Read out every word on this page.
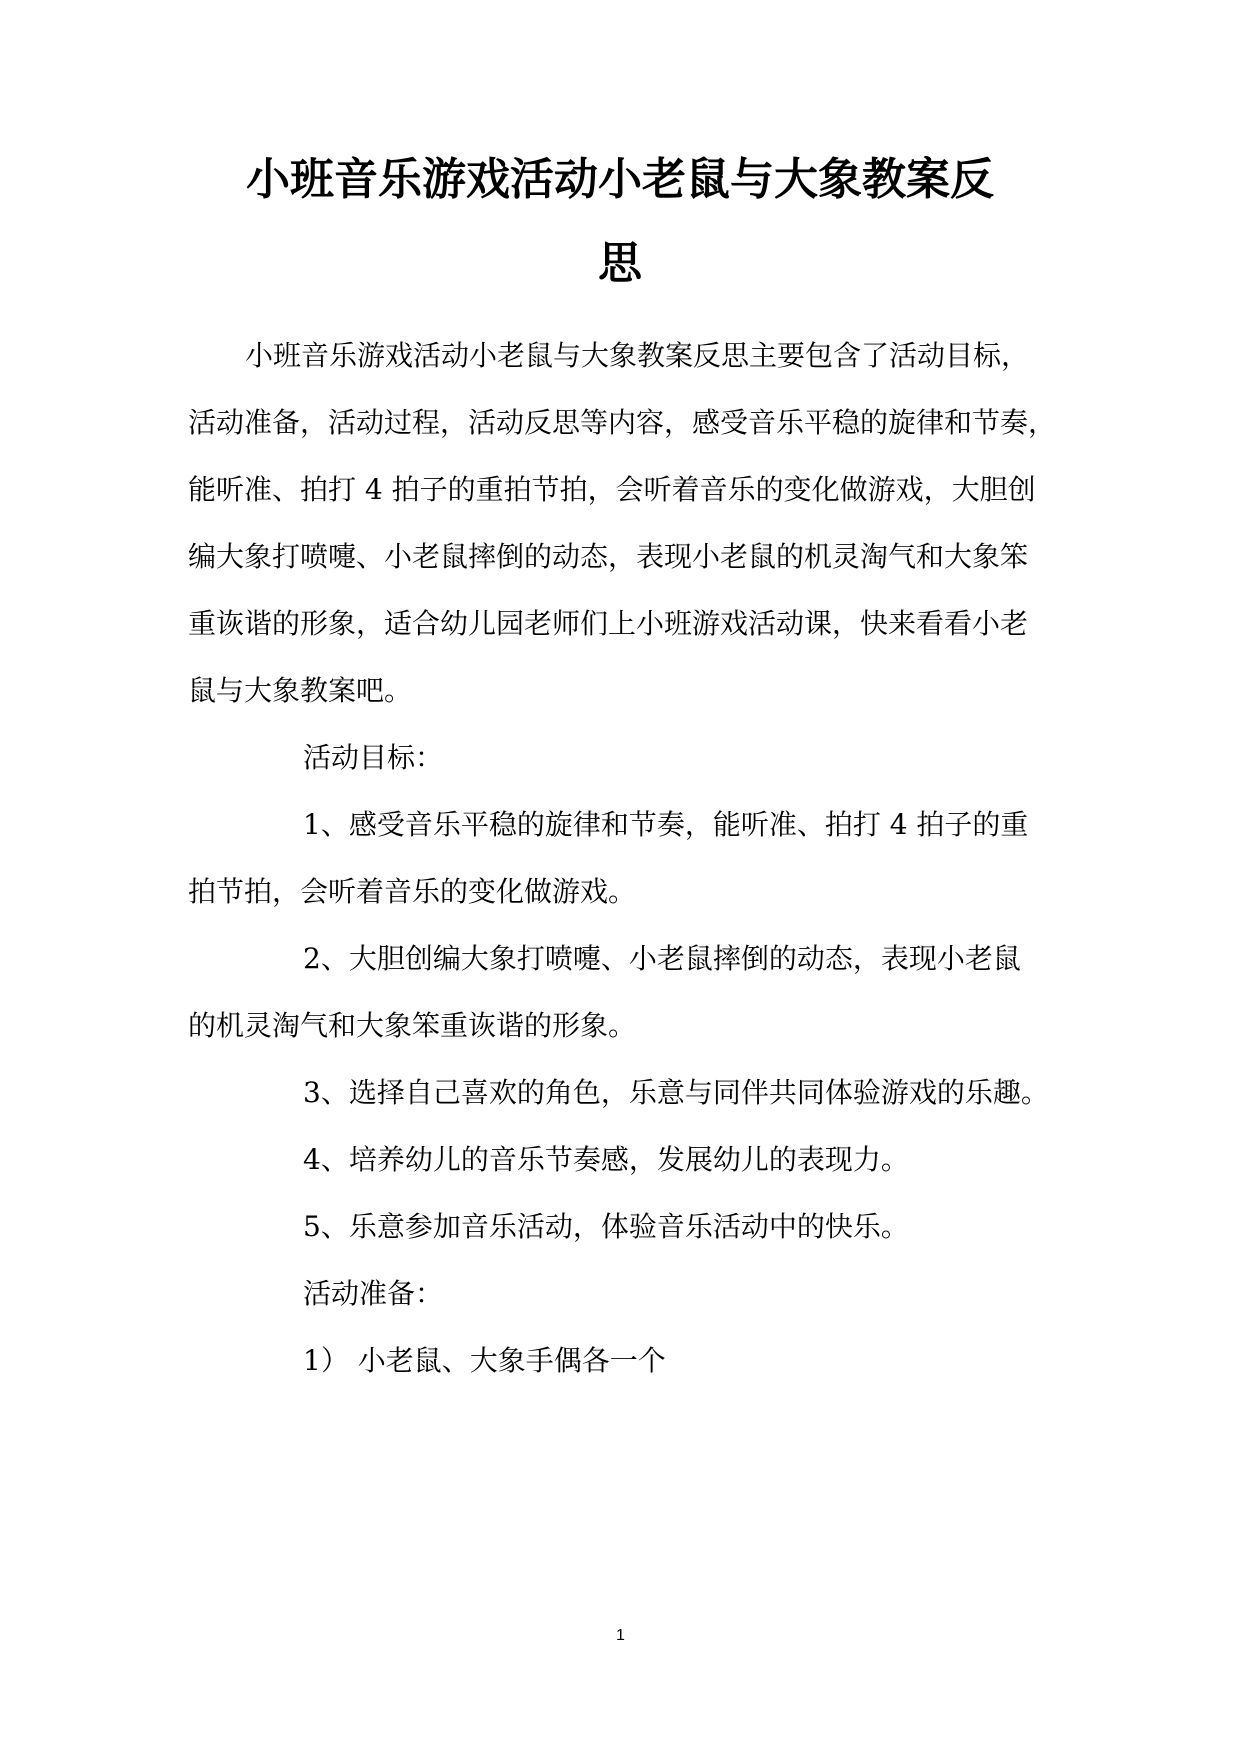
小班音乐游戏活动小老鼠与大象教案反
思

小班音乐游戏活动小老鼠与大象教案反思主要包含了活动目标，

活动准备，活动过程，活动反思等内容，感受音乐平稳的旋律和节奏，

能听准、拍打 4 拍子的重拍节拍，会听着音乐的变化做游戏，大胆创

编大象打喷嚏、小老鼠摔倒的动态，表现小老鼠的机灵淘气和大象笨

重诙谐的形象，适合幼儿园老师们上小班游戏活动课，快来看看小老

鼠与大象教案吧。

活动目标：

1、感受音乐平稳的旋律和节奏，能听准、拍打 4 拍子的重

拍节拍，会听着音乐的变化做游戏。

2、大胆创编大象打喷嚏、小老鼠摔倒的动态，表现小老鼠

的机灵淘气和大象笨重诙谐的形象。

3、选择自己喜欢的角色，乐意与同伴共同体验游戏的乐趣。

4、培养幼儿的音乐节奏感，发展幼儿的表现力。

5、乐意参加音乐活动，体验音乐活动中的快乐。

活动准备：

1） 小老鼠、大象手偶各一个

1
